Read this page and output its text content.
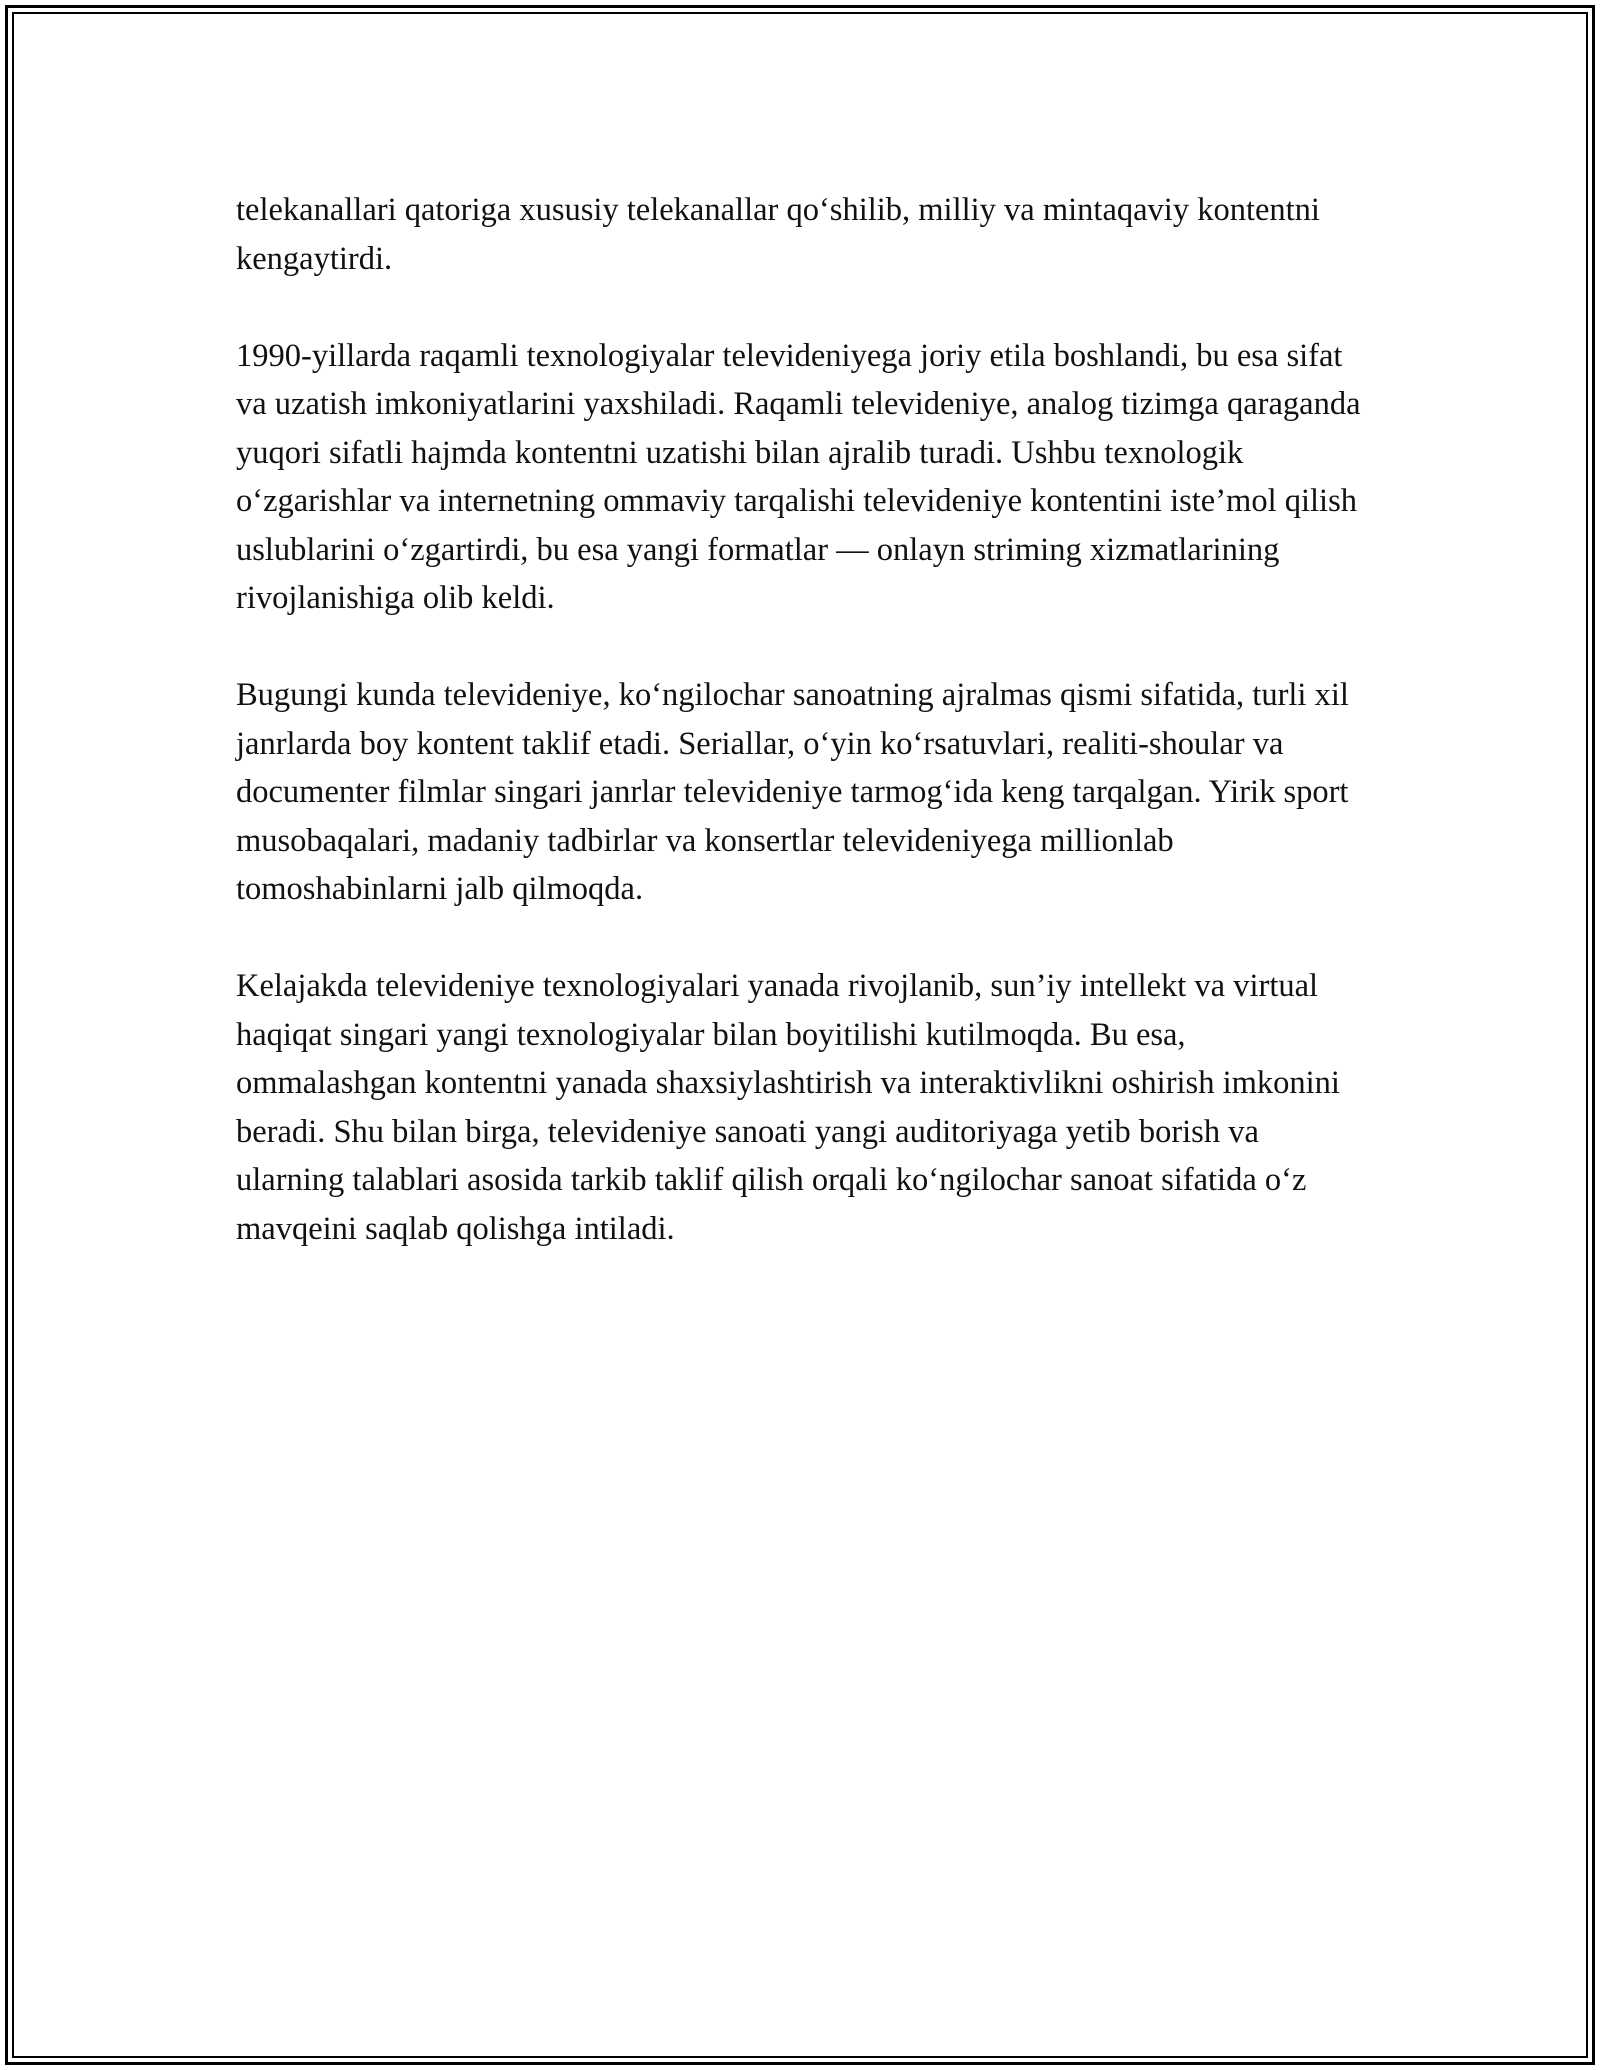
telekanallari qatoriga xususiy telekanallar qo‘shilib, milliy va mintaqaviy kontentni kengaytirdi.

1990-yillarda raqamli texnologiyalar televideniyega joriy etila boshlandi, bu esa sifat va uzatish imkoniyatlarini yaxshiladi. Raqamli televideniye, analog tizimga qaraganda yuqori sifatli hajmda kontentni uzatishi bilan ajralib turadi. Ushbu texnologik o‘zgarishlar va internetning ommaviy tarqalishi televideniye kontentini iste’mol qilish uslublarini o‘zgartirdi, bu esa yangi formatlar — onlayn striming xizmatlarining rivojlanishiga olib keldi.

Bugungi kunda televideniye, ko‘ngilochar sanoatning ajralmas qismi sifatida, turli xil janrlarda boy kontent taklif etadi. Seriallar, o‘yin ko‘rsatuvlari, realiti-shoular va documenter filmlar singari janrlar televideniye tarmog‘ida keng tarqalgan. Yirik sport musobaqalari, madaniy tadbirlar va konsertlar televideniyega millionlab tomoshabinlarni jalb qilmoqda.

Kelajakda televideniye texnologiyalari yanada rivojlanib, sun’iy intellekt va virtual haqiqat singari yangi texnologiyalar bilan boyitilishi kutilmoqda. Bu esa, ommalashgan kontentni yanada shaxsiylashtirish va interaktivlikni oshirish imkonini beradi. Shu bilan birga, televideniye sanoati yangi auditoriyaga yetib borish va ularning talablari asosida tarkib taklif qilish orqali ko‘ngilochar sanoat sifatida o‘z mavqeini saqlab qolishga intiladi.
